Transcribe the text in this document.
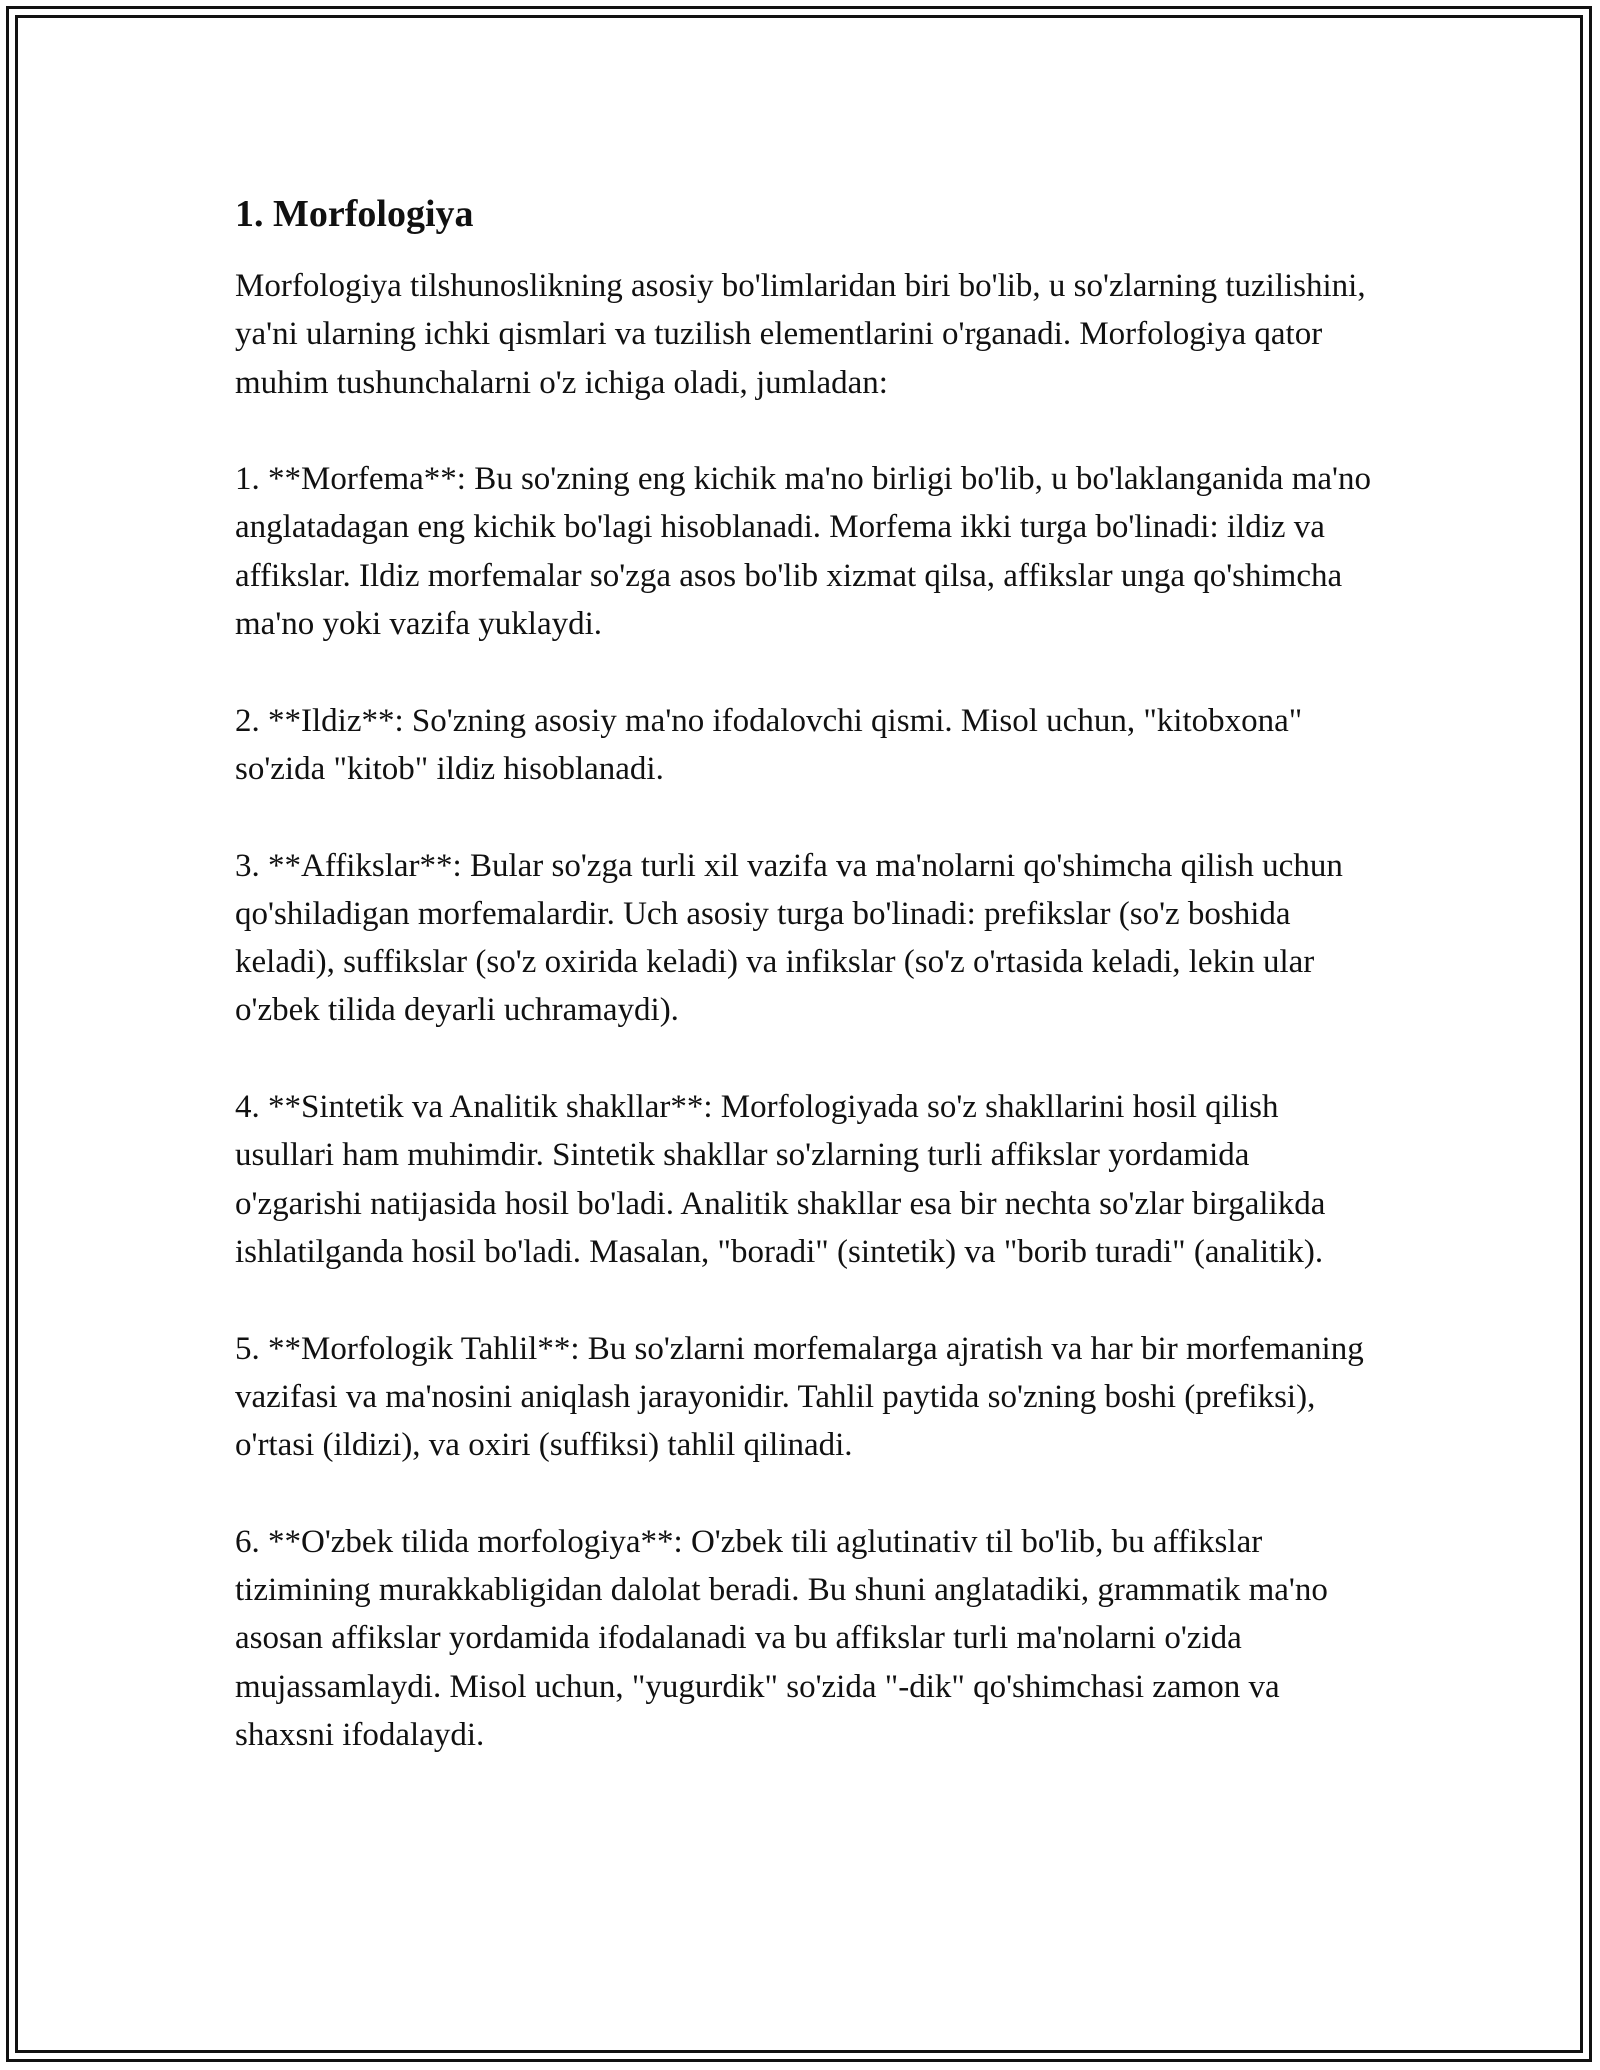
1. Morfologiya

Morfologiya tilshunoslikning asosiy bo'limlaridan biri bo'lib, u so'zlarning tuzilishini, ya'ni ularning ichki qismlari va tuzilish elementlarini o'rganadi. Morfologiya qator muhim tushunchalarni o'z ichiga oladi, jumladan:

1. **Morfema**: Bu so'zning eng kichik ma'no birligi bo'lib, u bo'laklanganida ma'no anglatadagan eng kichik bo'lagi hisoblanadi. Morfema ikki turga bo'linadi: ildiz va affikslar. Ildiz morfemalar so'zga asos bo'lib xizmat qilsa, affikslar unga qo'shimcha ma'no yoki vazifa yuklaydi.

2. **Ildiz**: So'zning asosiy ma'no ifodalovchi qismi. Misol uchun, "kitobxona" so'zida "kitob" ildiz hisoblanadi.

3. **Affikslar**: Bular so'zga turli xil vazifa va ma'nolarni qo'shimcha qilish uchun qo'shiladigan morfemalardir. Uch asosiy turga bo'linadi: prefikslar (so'z boshida keladi), suffikslar (so'z oxirida keladi) va infikslar (so'z o'rtasida keladi, lekin ular o'zbek tilida deyarli uchramaydi).

4. **Sintetik va Analitik shakllar**: Morfologiyada so'z shakllarini hosil qilish usullari ham muhimdir. Sintetik shakllar so'zlarning turli affikslar yordamida o'zgarishi natijasida hosil bo'ladi. Analitik shakllar esa bir nechta so'zlar birgalikda ishlatilganda hosil bo'ladi. Masalan, "boradi" (sintetik) va "borib turadi" (analitik).

5. **Morfologik Tahlil**: Bu so'zlarni morfemalarga ajratish va har bir morfemaning vazifasi va ma'nosini aniqlash jarayonidir. Tahlil paytida so'zning boshi (prefiksi), o'rtasi (ildizi), va oxiri (suffiksi) tahlil qilinadi.

6. **O'zbek tilida morfologiya**: O'zbek tili aglutinativ til bo'lib, bu affikslar tizimining murakkabligidan dalolat beradi. Bu shuni anglatadiki, grammatik ma'no asosan affikslar yordamida ifodalanadi va bu affikslar turli ma'nolarni o'zida mujassamlaydi. Misol uchun, "yugurdik" so'zida "-dik" qo'shimchasi zamon va shaxsni ifodalaydi.
